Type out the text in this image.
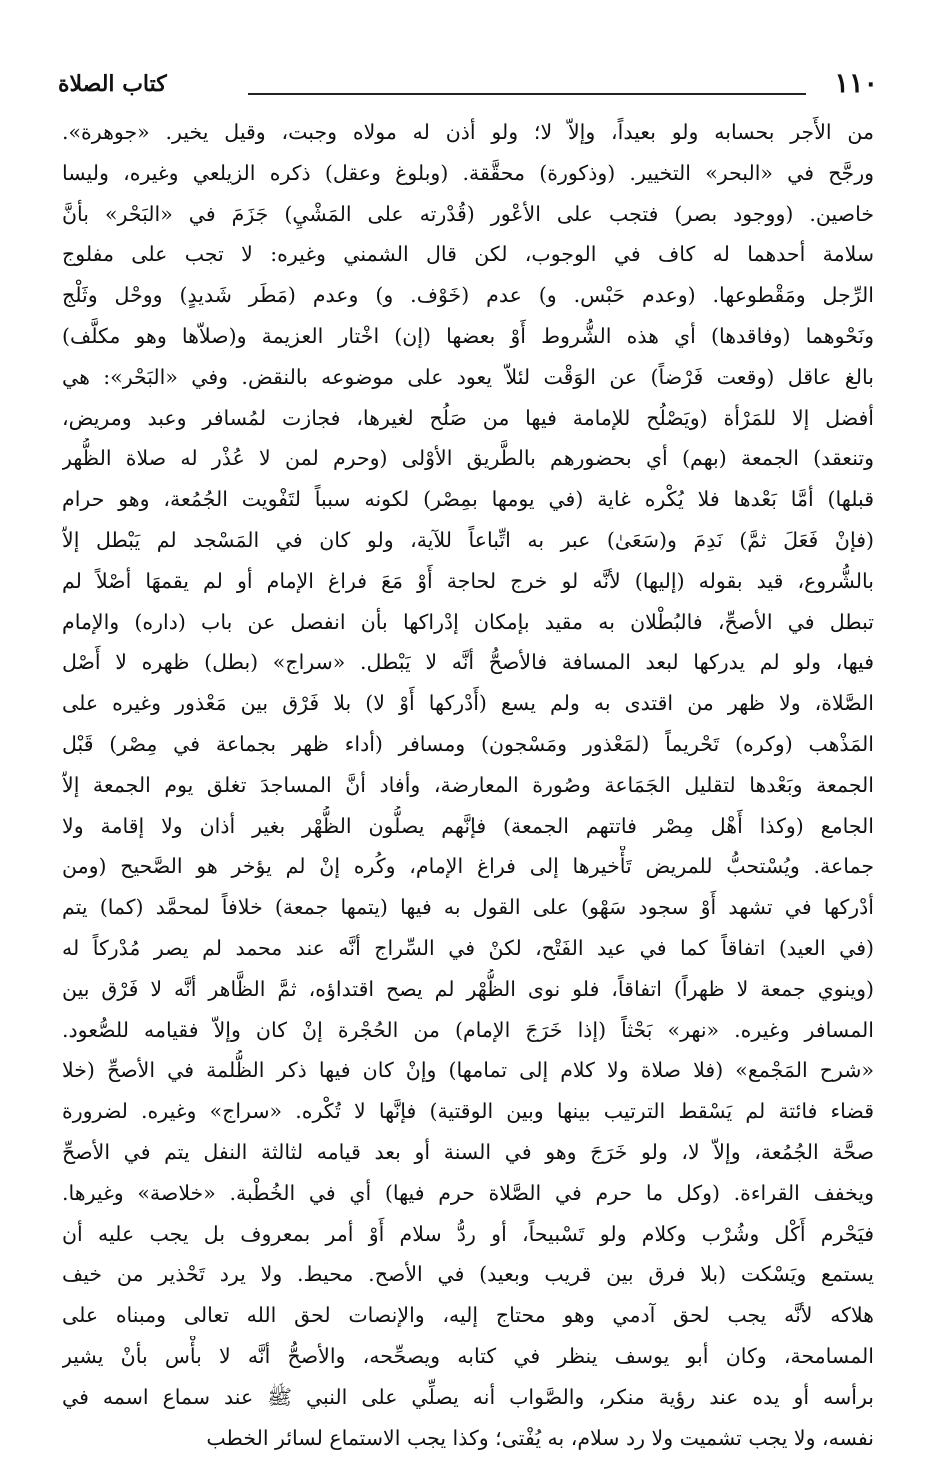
١١٠
كتاب الصلاة
من الأَجر بحسابه ولو بعيداً، وإلاّ لا؛ ولو أذن له مولاه وجبت، وقيل يخير. «جوهرة».
ورجَّح في «البحر» التخيير. (وذكورة) محقَّقة. (وبلوغ وعقل) ذكره الزيلعي وغيره، وليسا
خاصين. (ووجود بصر) فتجب على الأعْور (قُدْرته على المَشْيِ) جَزَمَ في «البَحْر» بأنَّ
سلامة أحدهما له كاف في الوجوب، لكن قال الشمني وغيره: لا تجب على مفلوج
الرِّجل ومَقْطوعها. (وعدم حَبْس. و) عدم (خَوْف. و) وعدم (مَطَر شَديدٍ) ووحْل وثَلْج
ونَحْوهما (وفاقدها) أي هذه الشُّروط أَوْ بعضها (إن) اخْتار العزيمة و(صلاّها وهو مكلَّف)
بالغ عاقل (وقعت فَرْضاً) عن الوَقْت لئلاّ يعود على موضوعه بالنقض. وفي «البَحْر»: هي
أفضل إلا للمَرْأة (ويَصْلُح للإمامة فيها من صَلُح لغيرها، فجازت لمُسافر وعبد ومريض،
وتنعقد) الجمعة (بهم) أي بحضورهم بالطَّريق الأوْلى (وحرم لمن لا عُذْر له صلاة الظُّهر
قبلها) أمَّا بَعْدها فلا يُكْره غاية (في يومها بمِصْر) لكونه سبباً لتَفْويت الجُمُعة، وهو حرام
(فإنْ فَعَلَ ثمَّ) نَدِمَ و(سَعَىٰ) عبر به اتِّباعاً للآية، ولو كان في المَسْجد لم يَبْطل إلاّ
بالشُّروع، قيد بقوله (إليها) لأنَّه لو خرج لحاجة أَوْ مَعَ فراغ الإمام أو لم يقمهَا أصْلاً لم
تبطل في الأصحِّ، فالبُطْلان به مقيد بإمكان إدْراكها بأن انفصل عن باب (داره) والإمام
فيها، ولو لم يدركها لبعد المسافة فالأصحُّ أنَّه لا يَبْطل. «سراج» (بطل) ظهره لا أَصْل
الصَّلاة، ولا ظهر من اقتدى به ولم يسع (أَدْركها أَوْ لا) بلا فَرْق بين مَعْذور وغيره على
المَذْهب (وكره) تَحْريماً (لمَعْذور ومَسْجون) ومسافر (أداء ظهر بجماعة في مِصْر) قَبْل
الجمعة وبَعْدها لتقليل الجَمَاعة وصُورة المعارضة، وأفاد أنَّ المساجدَ تغلق يوم الجمعة إلاّ
الجامع (وكذا أَهْل مِصْر فاتتهم الجمعة) فإنَّهم يصلُّون الظُّهْر بغير أذان ولا إقامة ولا
جماعة. ويُسْتحبُّ للمريض تَأْخيرها إلى فراغ الإمام، وكُره إنْ لم يؤخر هو الصَّحيح (ومن
أدْركها في تشهد أَوْ سجود سَهْو) على القول به فيها (يتمها جمعة) خلافاً لمحمَّد (كما) يتم
(في العيد) اتفاقاً كما في عيد الفَتْح، لكنْ في السِّراج أنَّه عند محمد لم يصر مُدْركاً له
(وينوي جمعة لا ظهراً) اتفاقاً، فلو نوى الظُّهْر لم يصح اقتداؤه، ثمَّ الظَّاهر أنَّه لا فَرْق بين
المسافر وغيره. «نهر» بَحْثاً (إذا خَرَجَ الإمام) من الحُجْرة إنْ كان وإلاّ فقيامه للصُّعود.
«شرح المَجْمع» (فلا صلاة ولا كلام إلى تمامها) وإنْ كان فيها ذكر الظُّلمة في الأصحِّ (خلا
قضاء فائتة لم يَسْقط الترتيب بينها وبين الوقتية) فإنَّها لا تُكْره. «سراج» وغيره. لضرورة
صحَّة الجُمُعة، وإلاّ لا، ولو خَرَجَ وهو في السنة أو بعد قيامه لثالثة النفل يتم في الأصحِّ
ويخفف القراءة. (وكل ما حرم في الصَّلاة حرم فيها) أي في الخُطْبة. «خلاصة» وغيرها.
فيَحْرم أَكْل وشُرْب وكلام ولو تَسْبيحاً، أو ردُّ سلام أَوْ أمر بمعروف بل يجب عليه أن
يستمع ويَسْكت (بلا فرق بين قريب وبعيد) في الأصح. محيط. ولا يرد تَحْذير من خيف
هلاكه لأنَّه يجب لحق آدمي وهو محتاج إليه، والإنصات لحق الله تعالى ومبناه على
المسامحة، وكان أبو يوسف ينظر في كتابه ويصحِّحه، والأصحُّ أنَّه لا بأْس بأنْ يشير
برأسه أو يده عند رؤية منكر، والصَّواب أنه يصلِّي على النبي ﷺ عند سماع اسمه في
نفسه، ولا يجب تشميت ولا رد سلام، به يُفْتى؛ وكذا يجب الاستماع لسائر الخطب
